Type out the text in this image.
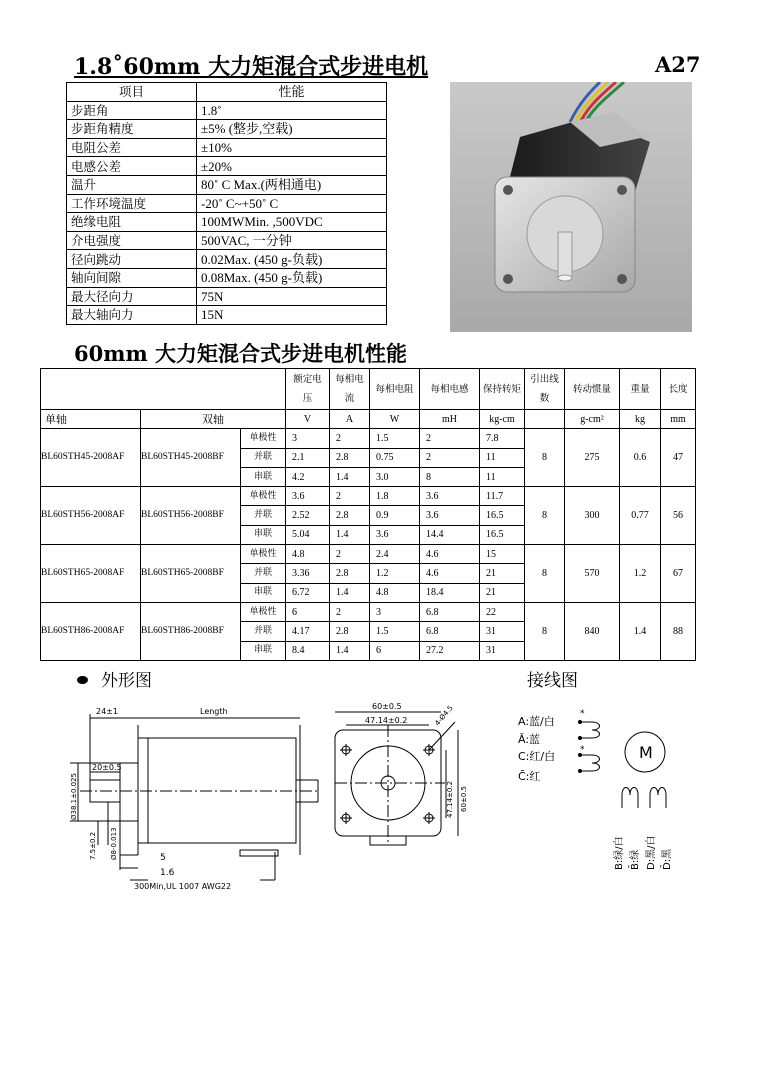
1.8˚60mm 大力矩混合式步进电机	A27
项目	性能
步距角	1.8˚
步距角精度	±5% (整步,空载)
电阻公差	±10%
电感公差	±20%
温升	80˚ C Max.(两相通电)
工作环境温度	-20˚ C~+50˚ C
绝缘电阻	100MWMin. ,500VDC
介电强度	500VAC, 一分钟
径向跳动	0.02Max. (450 g-负载)
轴向间隙	0.08Max. (450 g-负载)
最大径向力	75N
最大轴向力	15N
60mm 大力矩混合式步进电机性能
			额定电压	每相电流	每相电阻	每相电感	保持转矩	引出线数	转动惯量	重量	长度
单轴	双轴		V	A	W	mH	kg-cm		g-cm²	kg	mm
BL60STH45-2008AF	BL60STH45-2008BF	单极性	3	2	1.5	2	7.8	8	275	0.6	47
		并联	2.1	2.8	0.75	2	11				
		串联	4.2	1.4	3.0	8	11				
BL60STH56-2008AF	BL60STH56-2008BF	单极性	3.6	2	1.8	3.6	11.7	8	300	0.77	56
		并联	2.52	2.8	0.9	3.6	16.5				
		串联	5.04	1.4	3.6	14.4	16.5				
BL60STH65-2008AF	BL60STH65-2008BF	单极性	4.8	2	2.4	4.6	15	8	570	1.2	67
		并联	3.36	2.8	1.2	4.6	21				
		串联	6.72	1.4	4.8	18.4	21				
BL60STH86-2008AF	BL60STH86-2008BF	单极性	6	2	3	6.8	22	8	840	1.4	88
		并联	4.17	2.8	1.5	6.8	31				
		串联	8.4	1.4	6	27.2	31				
外形图	接线图
24±1	Length
20±0.5
Ø38.1±0.025
7.5±0.2 Ø8-0.013	5
1.6
300Min,UL 1007 AWG22
60±0.5
47.14±0.2	4-Ø4.5
47.14±0.2 60±0.5
*
*
A:蓝/白
Ā:蓝
C:红/白
C̄:红
M
B:绿/白 B̄:绿 D:黑/白 D̄:黑
